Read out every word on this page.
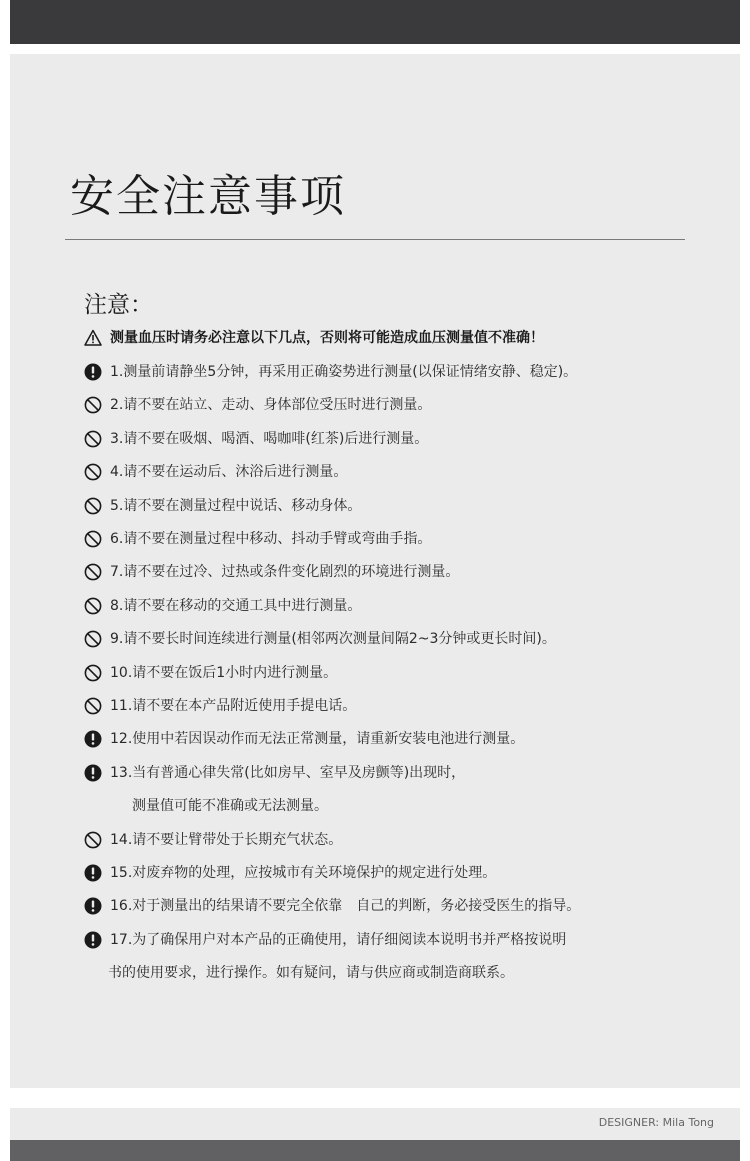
安全注意事项
注意：
测量血压时请务必注意以下几点，否则将可能造成血压测量值不准确！
1.测量前请静坐5分钟，再采用正确姿势进行测量(以保证情绪安静、稳定)。
2.请不要在站立、走动、身体部位受压时进行测量。
3.请不要在吸烟、喝酒、喝咖啡(红茶)后进行测量。
4.请不要在运动后、沐浴后进行测量。
5.请不要在测量过程中说话、移动身体。
6.请不要在测量过程中移动、抖动手臂或弯曲手指。
7.请不要在过冷、过热或条件变化剧烈的环境进行测量。
8.请不要在移动的交通工具中进行测量。
9.请不要长时间连续进行测量(相邻两次测量间隔2~3分钟或更长时间)。
10.请不要在饭后1小时内进行测量。
11.请不要在本产品附近使用手提电话。
12.使用中若因误动作而无法正常测量，请重新安装电池进行测量。
13.当有普通心律失常(比如房早、室早及房颤等)出现时，
测量值可能不准确或无法测量。
14.请不要让臂带处于长期充气状态。
15.对废弃物的处理，应按城市有关环境保护的规定进行处理。
16.对于测量出的结果请不要完全依靠　自己的判断，务必接受医生的指导。
17.为了确保用户对本产品的正确使用，请仔细阅读本说明书并严格按说明
书的使用要求，进行操作。如有疑问，请与供应商或制造商联系。
DESIGNER: Mila Tong
